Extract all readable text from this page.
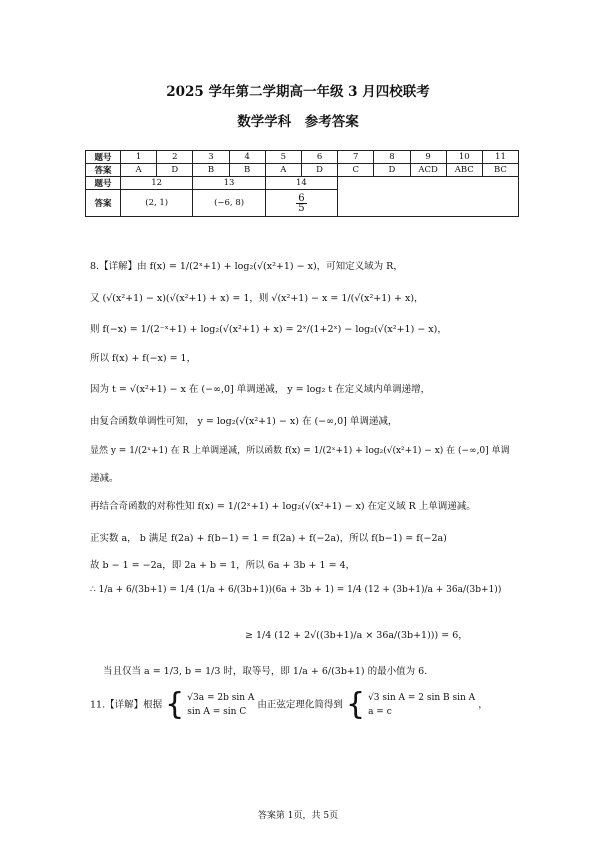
2025 学年第二学期高一年级 3 月四校联考
数学学科　参考答案
题号	1	2	3	4	5	6	7	8	9	10	11
答案	A	D	B	B	A	D	C	D	ACD	ABC	BC
题号	12		13		14						
答案	(2, 1)		(−6, 8)		$\frac{6}{5}$
8.【详解】由 f(x) = 1/(2ˣ+1) + log₂(√(x²+1) − x)，可知定义域为 R，
又 (√(x²+1) − x)(√(x²+1) + x) = 1，则 √(x²+1) − x = 1/(√(x²+1) + x)，
则 f(−x) = 1/(2⁻ˣ+1) + log₂(√(x²+1) + x) = 2ˣ/(1+2ˣ) − log₂(√(x²+1) − x)，
所以 f(x) + f(−x) = 1，
因为 t = √(x²+1) − x 在 (−∞,0] 单调递减， y = log₂ t 在定义域内单调递增，
由复合函数单调性可知， y = log₂(√(x²+1) − x) 在 (−∞,0] 单调递减，
显然 y = 1/(2ˣ+1) 在 R 上单调递减，所以函数 f(x) = 1/(2ˣ+1) + log₂(√(x²+1) − x) 在 (−∞,0] 单调
递减。
再结合奇函数的对称性知 f(x) = 1/(2ˣ+1) + log₂(√(x²+1) − x) 在定义域 R 上单调递减。
正实数 a， b 满足 f(2a) + f(b−1) = 1 = f(2a) + f(−2a)，所以 f(b−1) = f(−2a)
故 b − 1 = −2a，即 2a + b = 1，所以 6a + 3b + 1 = 4，
∴ 1/a + 6/(3b+1) = 1/4 (1/a + 6/(3b+1))(6a + 3b + 1) = 1/4 (12 + (3b+1)/a + 36a/(3b+1))
≥ 1/4 (12 + 2√((3b+1)/a × 36a/(3b+1))) = 6，
当且仅当 a = 1/3, b = 1/3 时，取等号，即 1/a + 6/(3b+1) 的最小值为 6.
11.【详解】根据 { √3a = 2b sin A
sin A = sin C
由正弦定理化简得到 { √3 sin A = 2 sin B sin A
a = c
，
答案第 1页，共 5页
